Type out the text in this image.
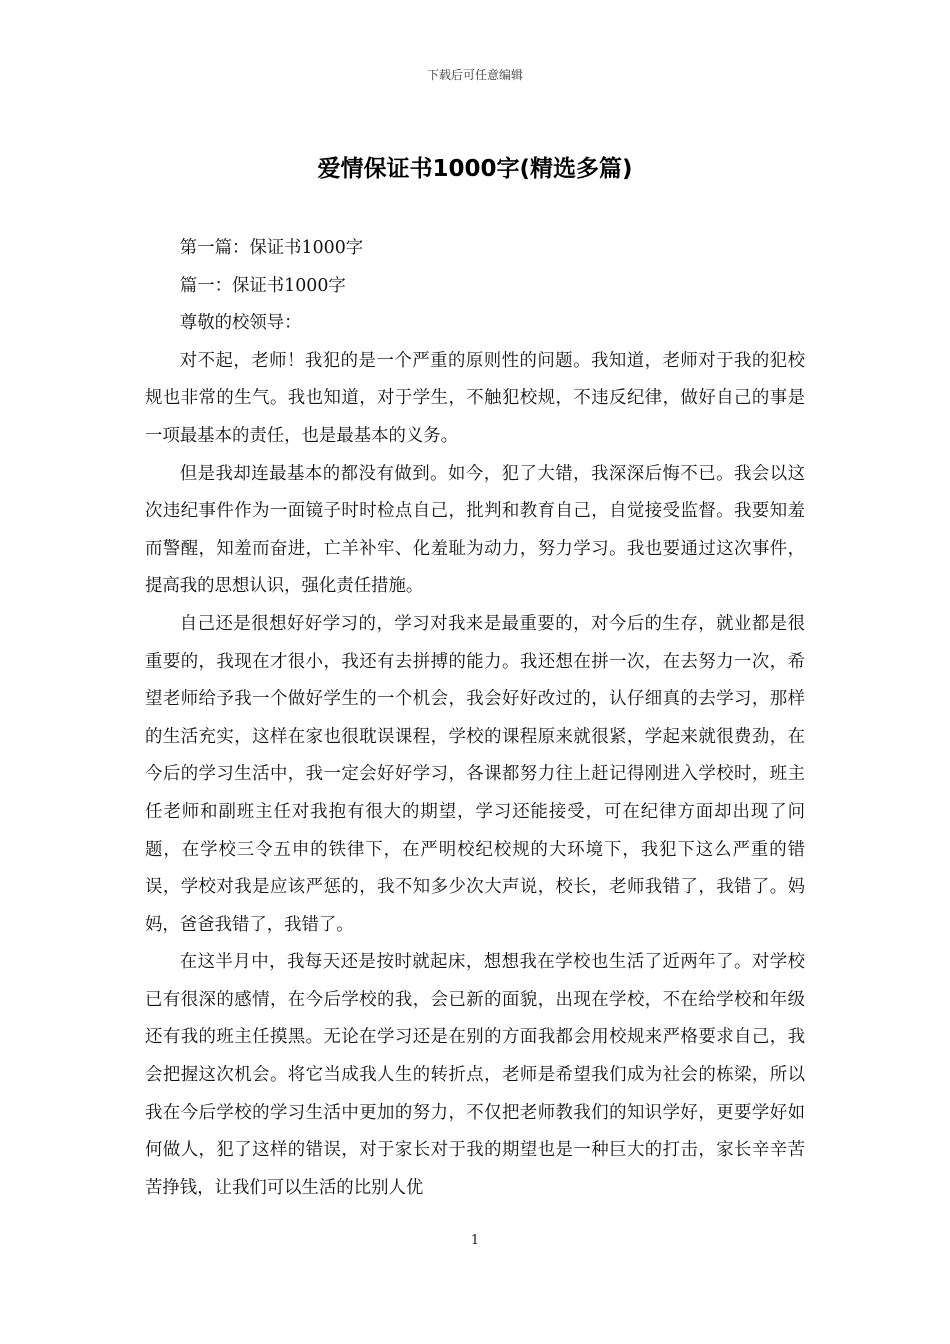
下载后可任意编辑
爱情保证书1000字(精选多篇)

第一篇：保证书1000字

篇一：保证书1000字

尊敬的校领导：

对不起，老师！我犯的是一个严重的原则性的问题。我知道，老师对于我的犯校规也非常的生气。我也知道，对于学生，不触犯校规，不违反纪律，做好自己的事是一项最基本的责任，也是最基本的义务。

但是我却连最基本的都没有做到。如今，犯了大错，我深深后悔不已。我会以这次违纪事件作为一面镜子时时检点自己，批判和教育自己，自觉接受监督。我要知羞而警醒，知羞而奋进，亡羊补牢、化羞耻为动力，努力学习。我也要通过这次事件，提高我的思想认识，强化责任措施。

自己还是很想好好学习的，学习对我来是最重要的，对今后的生存，就业都是很重要的，我现在才很小，我还有去拼搏的能力。我还想在拼一次，在去努力一次，希望老师给予我一个做好学生的一个机会，我会好好改过的，认仔细真的去学习，那样的生活充实，这样在家也很耽误课程，学校的课程原来就很紧，学起来就很费劲，在今后的学习生活中，我一定会好好学习，各课都努力往上赶记得刚进入学校时，班主任老师和副班主任对我抱有很大的期望，学习还能接受，可在纪律方面却出现了问题，在学校三令五申的铁律下，在严明校纪校规的大环境下，我犯下这么严重的错误，学校对我是应该严惩的，我不知多少次大声说，校长，老师我错了，我错了。妈妈，爸爸我错了，我错了。

在这半月中，我每天还是按时就起床，想想我在学校也生活了近两年了。对学校已有很深的感情，在今后学校的我，会已新的面貌，出现在学校，不在给学校和年级还有我的班主任摸黑。无论在学习还是在别的方面我都会用校规来严格要求自己，我会把握这次机会。将它当成我人生的转折点，老师是希望我们成为社会的栋梁，所以我在今后学校的学习生活中更加的努力，不仅把老师教我们的知识学好，更要学好如何做人，犯了这样的错误，对于家长对于我的期望也是一种巨大的打击，家长辛辛苦苦挣钱，让我们可以生活的比别人优

1
